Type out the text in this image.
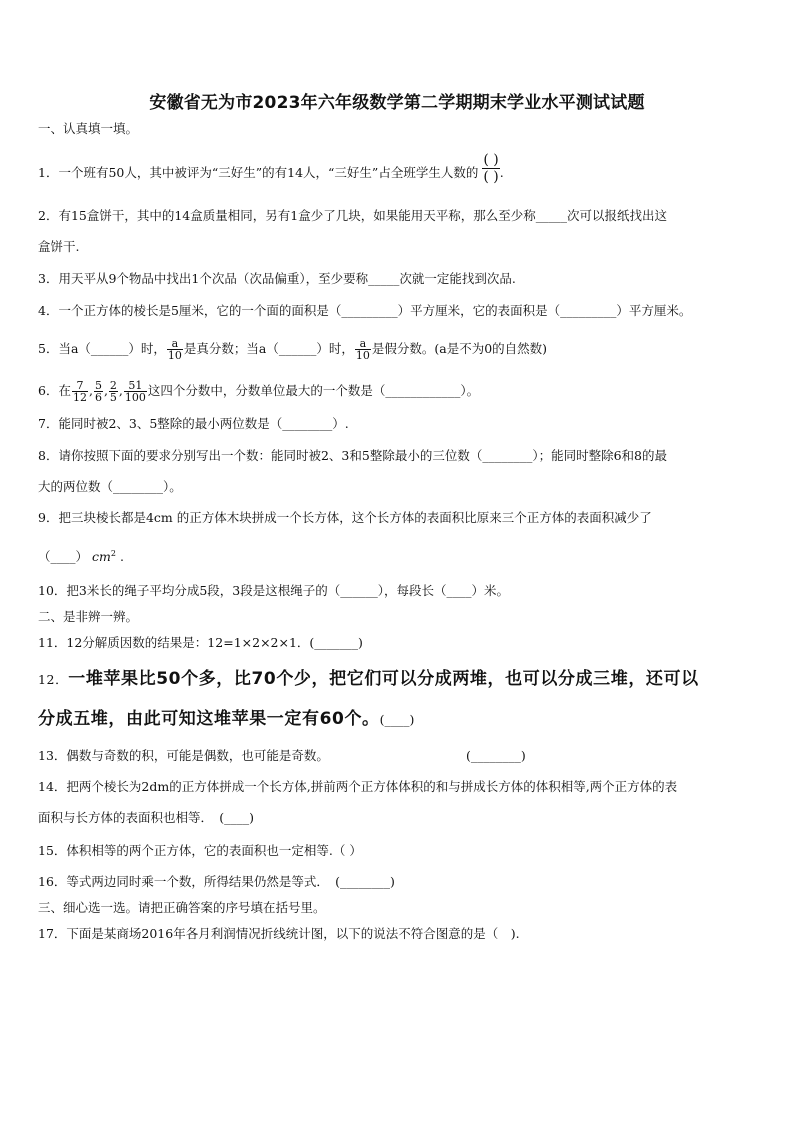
安徽省无为市2023年六年级数学第二学期期末学业水平测试试题
一、认真填一填。
1．一个班有50人，其中被评为“三好生”的有14人，“三好生”占全班学生人数的
( )
( ) .
2．有15盒饼干，其中的14盒质量相同，另有1盒少了几块，如果能用天平称，那么至少称_____次可以报纸找出这
盒饼干.
3．用天平从9个物品中找出1个次品（次品偏重），至少要称_____次就一定能找到次品.
4．一个正方体的棱长是5厘米，它的一个面的面积是（_________）平方厘米，它的表面积是（_________）平方厘米。
5．当a（______）时， $\frac{a}{10}$ 是真分数；当a（______）时， $\frac{a}{10}$ 是假分数。(a是不为0的自然数)
6．在 $\frac{7}{12}$ , $\frac{5}{6}$ , $\frac{2}{5}$ , $\frac{51}{100}$ 这四个分数中，分数单位最大的一个数是（____________）。
7．能同时被2、3、5整除的最小两位数是（________）.
8．请你按照下面的要求分别写出一个数：能同时被2、3和5整除最小的三位数（________）；能同时整除6和8的最
大的两位数（________）。
9．把三块棱长都是4cm 的正方体木块拼成一个长方体，这个长方体的表面积比原来三个正方体的表面积减少了
（____） $cm^2$ .
10．把3米长的绳子平均分成5段，3段是这根绳子的（______），每段长（____）米。
二、是非辨一辨。
11．12分解质因数的结果是：12=1×2×2×1．(_______)
12．一堆苹果比50个多，比70个少，把它们可以分成两堆，也可以分成三堆，还可以
分成五堆，由此可知这堆苹果一定有60个。(____)
13．偶数与奇数的积，可能是偶数，也可能是奇数。	(________)
14．把两个棱长为2dm的正方体拼成一个长方体,拼前两个正方体体积的和与拼成长方体的体积相等,两个正方体的表
面积与长方体的表面积也相等．　(____)
15．体积相等的两个正方体，它的表面积也一定相等.（ ）
16．等式两边同时乘一个数，所得结果仍然是等式．　(________)
三、细心选一选。请把正确答案的序号填在括号里。
17．下面是某商场2016年各月利润情况折线统计图，以下的说法不符合图意的是（　).
